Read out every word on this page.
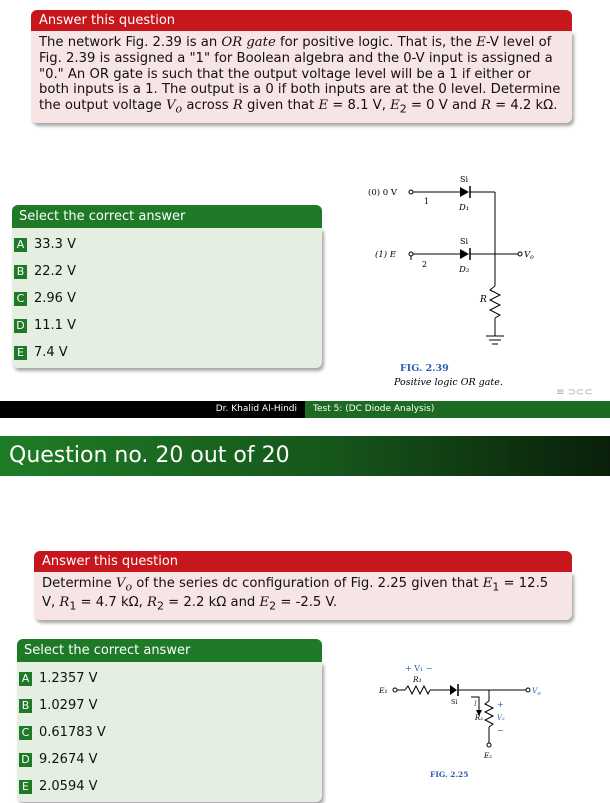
Answer this question
The network Fig. 2.39 is an OR gate for positive logic. That is, the E-V level of Fig. 2.39 is assigned a "1" for Boolean algebra and the 0-V input is assigned a "0." An OR gate is such that the output voltage level will be a 1 if either or both inputs is a 1. The output is a 0 if both inputs are at the 0 level. Determine the output voltage $V_o$ across R given that E = 8.1 V, $E_2 = 0$ V and R = 4.2 kΩ.
Select the correct answer
A 33.3 V
B 22.2 V
C 2.96 V
D 11.1 V
E 7.4 V
(0) 0 V
1
(1) E
2
Si
D₁
Si
D₂
$V_o$
R
FIG. 2.39
Positive logic OR gate.
≡ ⊃⊂⊂
Dr. Khalid Al-Hindi	Test 5: (DC Diode Analysis)
Question no. 20 out of 20
Answer this question
Determine $V_o$ of the series dc configuration of Fig. 2.25 given that $E_1 = 12.5$ V, $R_1 = 4.7$ kΩ, $R_2 = 2.2$ kΩ and $E_2 = -2.5$ V.
Select the correct answer
A 1.2357 V
B 1.0297 V
C 0.61783 V
D 9.2674 V
E 2.0594 V
+ V₁ −
R₁
E₁
Si I
R₂
+
V₂
−
E₂
$V_o$
FIG. 2.25
